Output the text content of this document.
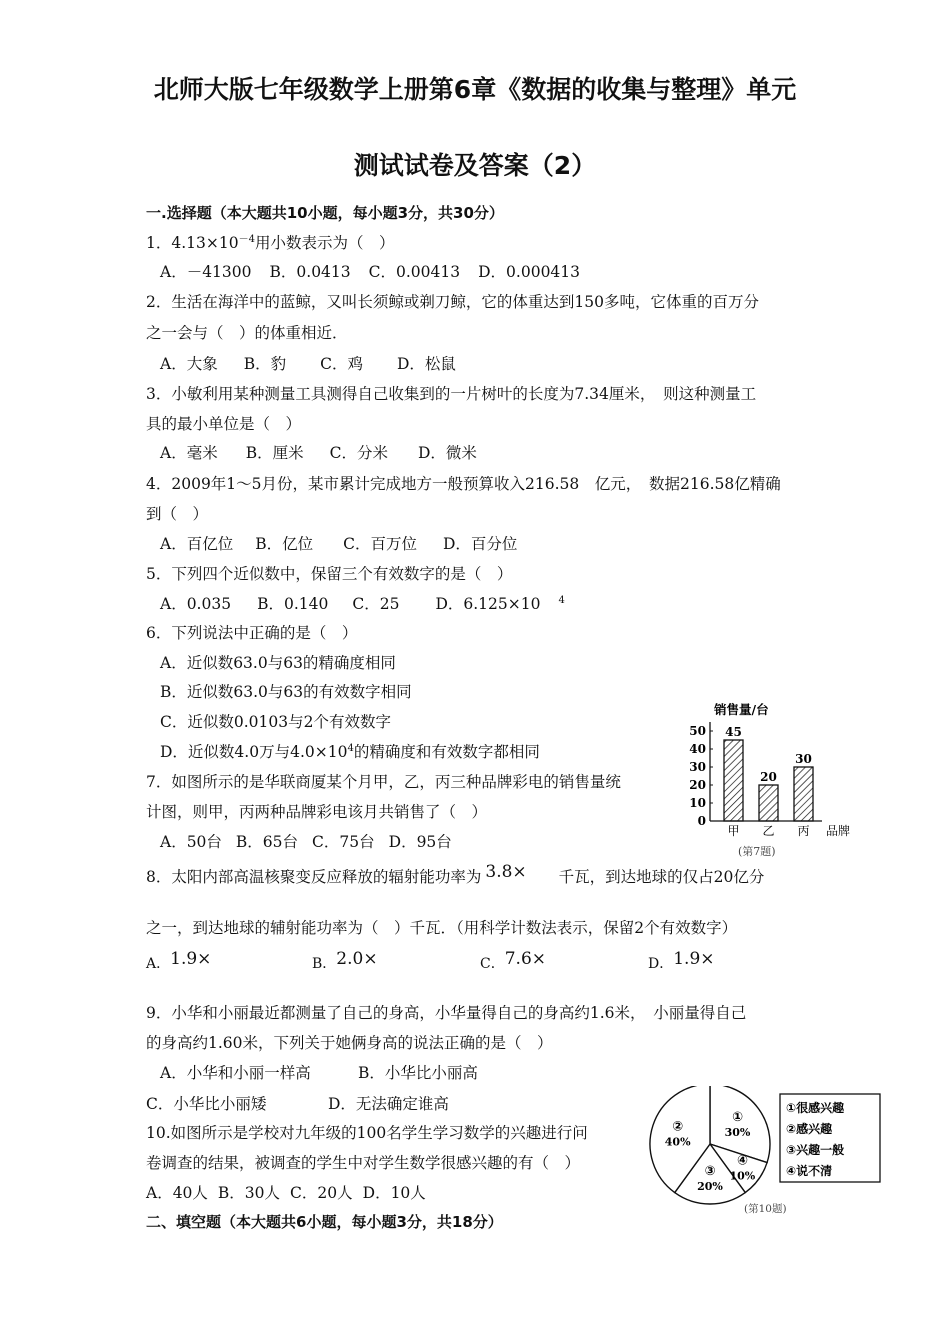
北师大版七年级数学上册第6章《数据的收集与整理》单元
测试试卷及答案（2）
一.选择题（本大题共10小题，每小题3分，共30分）
1．$4.13\times 10^{-4}$用小数表示为（　）
A．－41300 B．0.0413 C．0.00413 D．0.000413
2．生活在海洋中的蓝鲸，又叫长须鲸或剃刀鲸，它的体重达到150多吨，它体重的百万分
之一会与（　）的体重相近．
A．大象 B．豹 C．鸡 D．松鼠
3．小敏利用某种测量工具测得自己收集到的一片树叶的长度为7.34厘米，　则这种测量工
具的最小单位是（　）
A．毫米 B．厘米 C．分米 D．微米
4．2009年1～5月份，某市累计完成地方一般预算收入216.58　亿元，　数据216.58亿精确
到（　）
A．百亿位 B．亿位 C．百万位 D．百分位
5．下列四个近似数中，保留三个有效数字的是（　）
A．0.035 B．0.140 C．25 D．6.125×10 $^4$
6．下列说法中正确的是（　）
A．近似数63.0与63的精确度相同
B．近似数63.0与63的有效数字相同
C．近似数0.0103与2个有效数字
D．近似数4.0万与$4.0\times 10^4$的精确度和有效数字都相同
7．如图所示的是华联商厦某个月甲，乙，丙三种品牌彩电的销售量统
计图，则甲，丙两种品牌彩电该月共销售了（　）
A．50台 B．65台 C．75台 D．95台
销售量/台
0
10
20
30
40
50 45
甲
20
乙
30
丙 品牌
(第7题)
8．太阳内部高温核聚变反应释放的辐射能功率为 3.8× 千瓦，到达地球的仅占20亿分
之一，到达地球的辅射能功率为（　）千瓦．（用科学计数法表示，保留2个有效数字）
A．1.9×	B．2.0×	C．7.6×	D．1.9×
9．小华和小丽最近都测量了自己的身高，小华量得自己的身高约1.6米，　小丽量得自己
的身高约1.60米，下列关于她俩身高的说法正确的是（　）
A．小华和小丽一样高	B．小华比小丽高
C．小华比小丽矮	D．无法确定谁高
10.如图所示是学校对九年级的100名学生学习数学的兴趣进行问
卷调查的结果，被调查的学生中对学生数学很感兴趣的有（　）
A．40人 B．30人 C．20人 D．10人
①
30%
④
10%
③
20%
②
40%
①很感兴趣
②感兴趣
③兴趣一般
④说不清
(第10题)
二、填空题（本大题共6小题，每小题3分，共18分）
